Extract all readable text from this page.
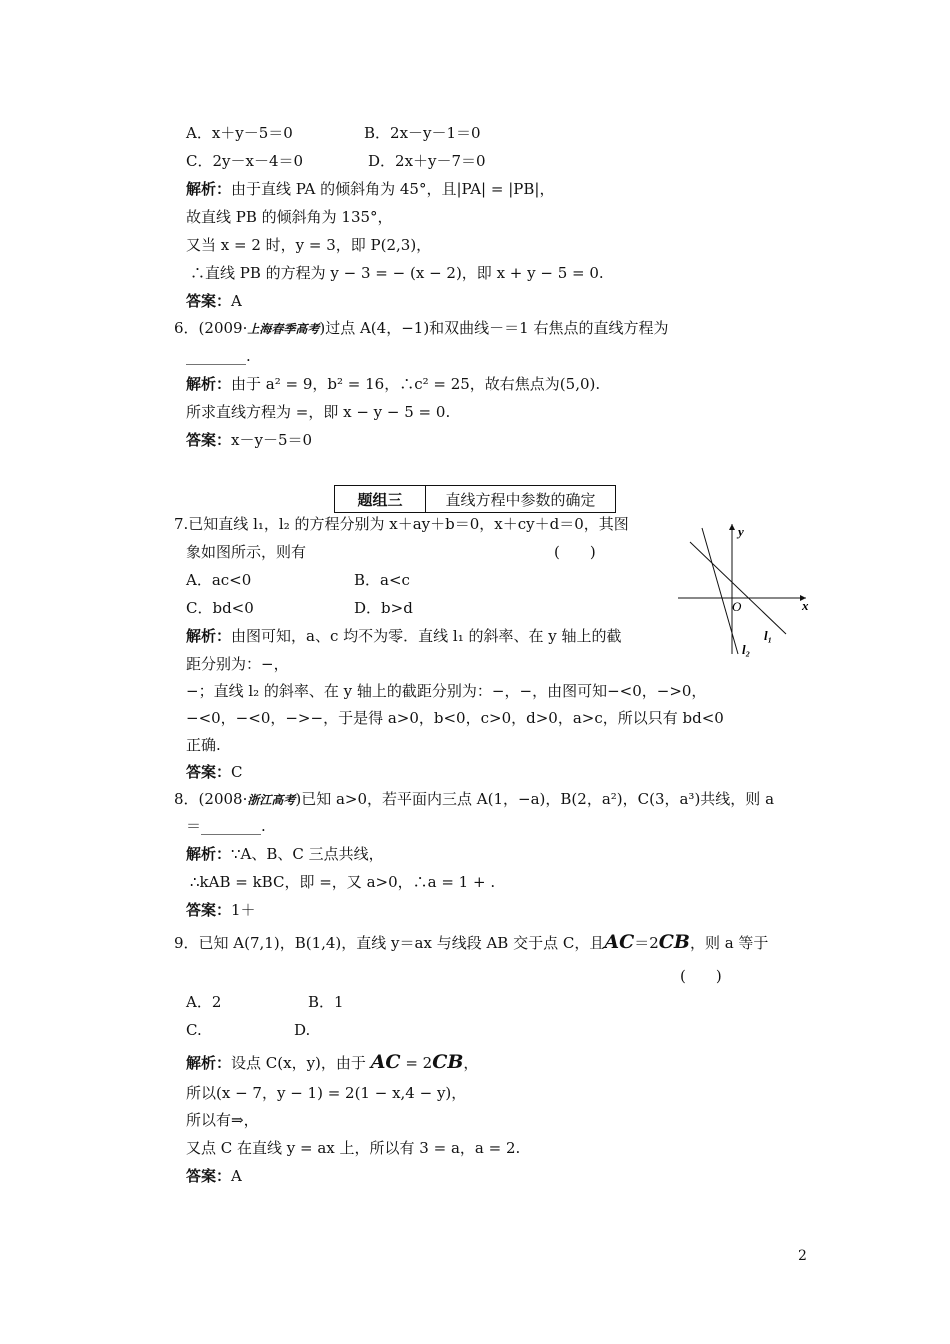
A．x＋y－5＝0	B．2x－y－1＝0
C．2y－x－4＝0	D．2x＋y－7＝0
解析：由于直线 PA 的倾斜角为 45°，且|PA| = |PB|，
故直线 PB 的倾斜角为 135°，
又当 x = 2 时，y = 3，即 P(2,3)，
∴直线 PB 的方程为 y − 3 = − (x − 2)，即 x + y − 5 = 0.
答案：A
6．(2009·上海春季高考)过点 A(4，−1)和双曲线－＝1 右焦点的直线方程为
________.
解析：由于 a² = 9，b² = 16，∴c² = 25，故右焦点为(5,0).
所求直线方程为 =，即 x − y − 5 = 0.
答案：x－y－5＝0
题组三	直线方程中参数的确定
7.已知直线 l₁，l₂ 的方程分别为 x＋ay＋b＝0，x＋cy＋d＝0，其图
象如图所示，则有	(　　)
A．ac<0	B．a<c
C．bd<0	D．b>d
解析：由图可知，a、c 均不为零．直线 l₁ 的斜率、在 y 轴上的截
距分别为：−，
−；直线 l₂ 的斜率、在 y 轴上的截距分别为：−，−，由图可知−<0，−>0，
−<0，−<0，−>−，于是得 a>0，b<0，c>0，d>0，a>c，所以只有 bd<0
正确.
答案：C
y
x
O
l₁
l₂
8．(2008·浙江高考)已知 a>0，若平面内三点 A(1，−a)，B(2，a²)，C(3，a³)共线，则 a
＝________.
解析：∵A、B、C 三点共线，
∴kAB = kBC，即 =，又 a>0，∴a = 1 + .
答案：1＋
9．已知 A(7,1)，B(1,4)，直线 y＝ax 与线段 AB 交于点 C，且AC＝2CB，则 a 等于
(　　)
A．2	B．1
C.	D.
解析：设点 C(x，y)，由于 AC = 2CB，
所以(x − 7，y − 1) = 2(1 − x,4 − y)，
所以有⇒，
又点 C 在直线 y = ax 上，所以有 3 = a，a = 2.
答案：A
2
